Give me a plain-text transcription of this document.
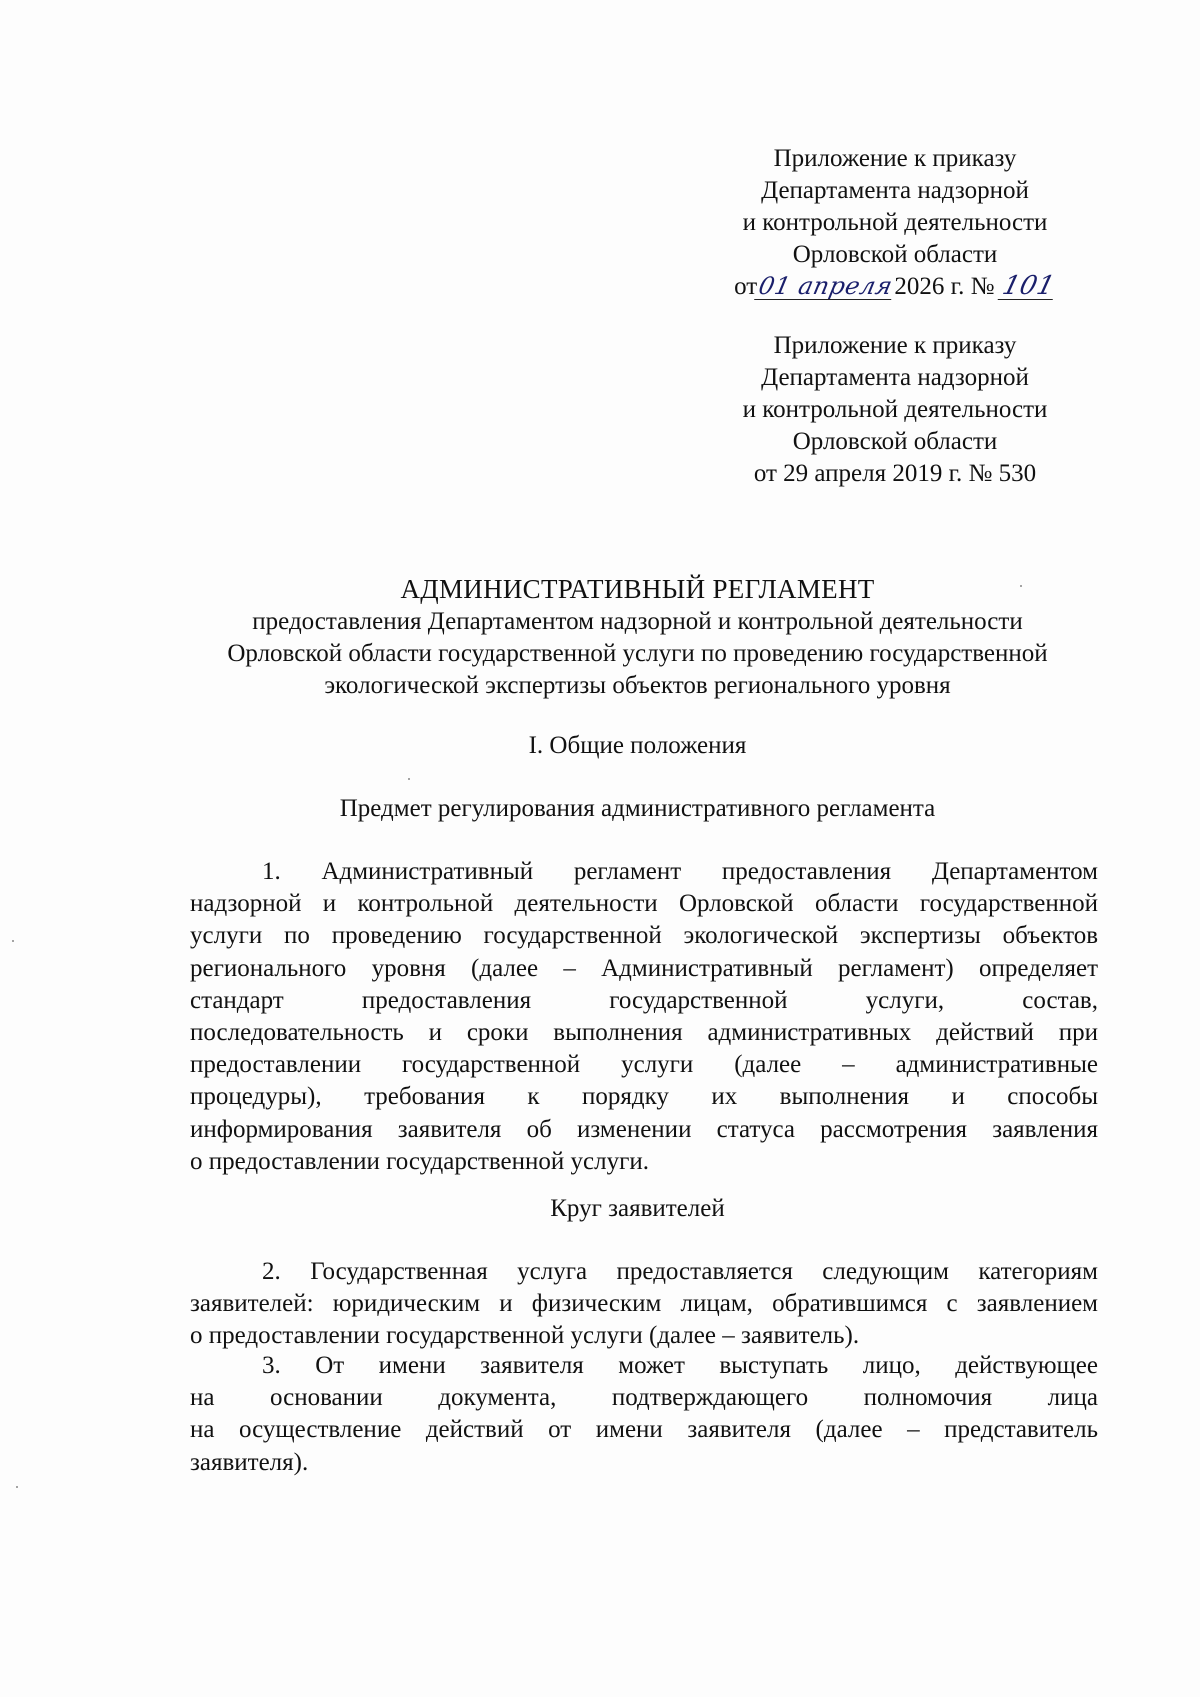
Приложение к приказу
Департамента надзорной
и контрольной деятельности
Орловской области
от01 апреля2026 г. № 101
Приложение к приказу
Департамента надзорной
и контрольной деятельности
Орловской области
от 29 апреля 2019 г. № 530
АДМИНИСТРАТИВНЫЙ РЕГЛАМЕНТ
предоставления Департаментом надзорной и контрольной деятельности
Орловской области государственной услуги по проведению государственной
экологической экспертизы объектов регионального уровня
I. Общие положения
Предмет регулирования административного регламента
1. Административный регламент предоставления Департаментом
надзорной и контрольной деятельности Орловской области государственной
услуги по проведению государственной экологической экспертизы объектов
регионального уровня (далее – Административный регламент) определяет
стандарт предоставления государственной услуги, состав,
последовательность и сроки выполнения административных действий при
предоставлении государственной услуги (далее – административные
процедуры), требования к порядку их выполнения и способы
информирования заявителя об изменении статуса рассмотрения заявления
о предоставлении государственной услуги.
Круг заявителей
2. Государственная услуга предоставляется следующим категориям
заявителей: юридическим и физическим лицам, обратившимся с заявлением
о предоставлении государственной услуги (далее – заявитель).
3. От имени заявителя может выступать лицо, действующее
на основании документа, подтверждающего полномочия лица
на осуществление действий от имени заявителя (далее – представитель
заявителя).
